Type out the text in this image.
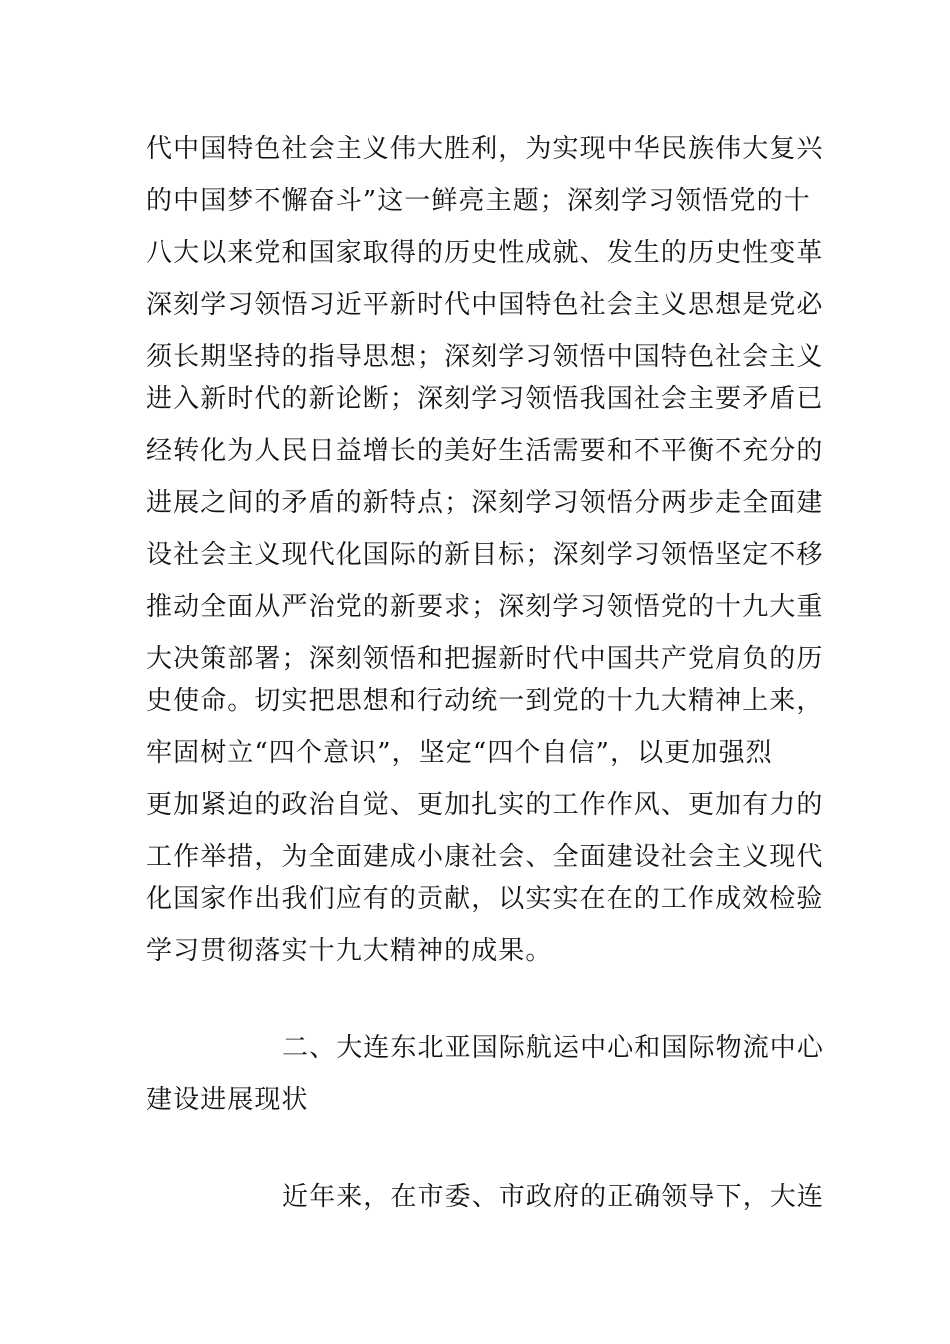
代中国特色社会主义伟大胜利，为实现中华民族伟大复兴
的中国梦不懈奋斗”这一鲜亮主题；深刻学习领悟党的十
八大以来党和国家取得的历史性成就、发生的历史性变革
深刻学习领悟习近平新时代中国特色社会主义思想是党必
须长期坚持的指导思想；深刻学习领悟中国特色社会主义
进入新时代的新论断；深刻学习领悟我国社会主要矛盾已
经转化为人民日益增长的美好生活需要和不平衡不充分的
进展之间的矛盾的新特点；深刻学习领悟分两步走全面建
设社会主义现代化国际的新目标；深刻学习领悟坚定不移
推动全面从严治党的新要求；深刻学习领悟党的十九大重
大决策部署；深刻领悟和把握新时代中国共产党肩负的历
史使命。切实把思想和行动统一到党的十九大精神上来，
牢固树立“四个意识”，坚定“四个自信”，以更加强烈
更加紧迫的政治自觉、更加扎实的工作作风、更加有力的
工作举措，为全面建成小康社会、全面建设社会主义现代
化国家作出我们应有的贡献，以实实在在的工作成效检验
学习贯彻落实十九大精神的成果。
二、大连东北亚国际航运中心和国际物流中心
建设进展现状
近年来，在市委、市政府的正确领导下，大连
